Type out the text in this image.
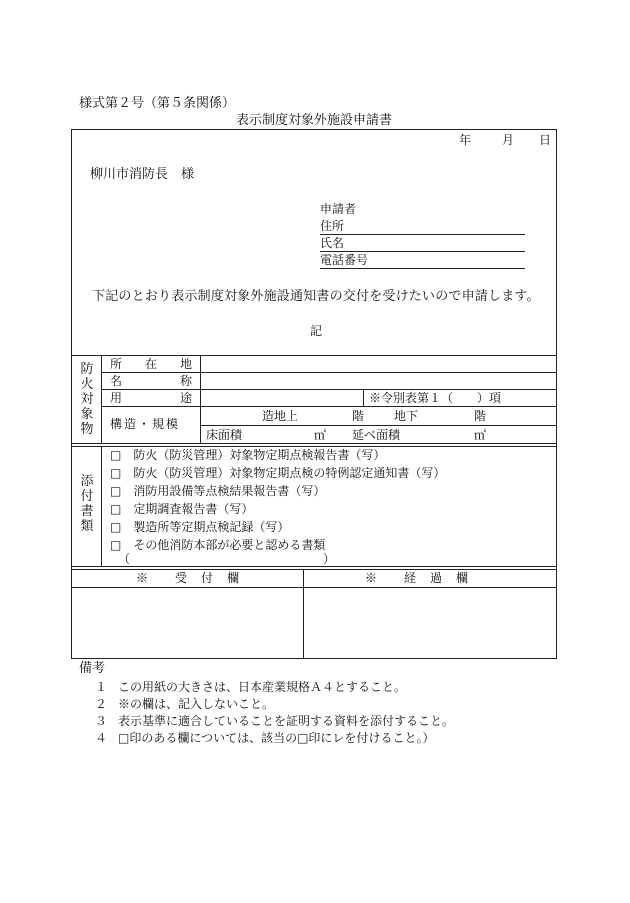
様式第２号（第５条関係）
表示制度対象外施設申請書
年	月 日
柳川市消防長　様
申請者
住所
氏名
電話番号
下記のとおり表示制度対象外施設通知書の交付を受けたいので申請します。
記
防
火
対
象
物
所 在 地
名	称
用	途	※令別表第１（　　）項
構造・規模
造地上	階 地下	階
床面積	㎡ 延べ面積	㎡
添
付
書
類
□　 防火（防災管理）対象物定期点検報告書（写）
□　 防火（防災管理）対象物定期点検の特例認定通知書（写）
□　 消防用設備等点検結果報告書（写）
□　 定期調査報告書（写）
□　 製造所等定期点検記録（写）
□　 その他消防本部が必要と認める書類
（	）
※　　受　付　欄	※　　経　過　欄
備考
１ この用紙の大きさは、日本産業規格Ａ４とすること。
２ ※の欄は、記入しないこと。
３ 表示基準に適合していることを証明する資料を添付すること。
４ □印のある欄については、該当の□印にレを付けること。）
